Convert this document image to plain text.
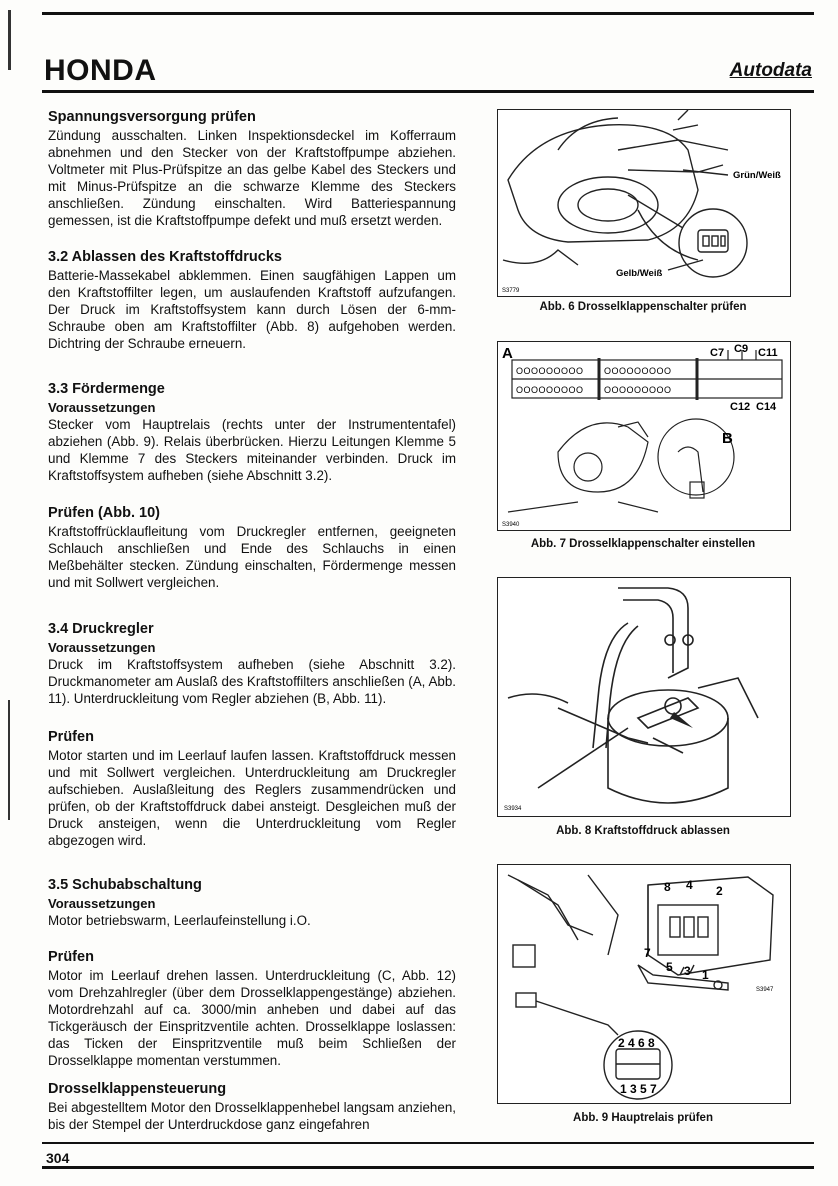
HONDA	Autodata
Spannungsversorgung prüfen

Zündung ausschalten. Linken Inspektionsdeckel im Kofferraum abnehmen und den Stecker von der Kraftstoffpumpe abziehen. Voltmeter mit Plus-Prüfspitze an das gelbe Kabel des Steckers und mit Minus-Prüfspitze an die schwarze Klemme des Steckers anschließen. Zündung einschalten. Wird Batteriespannung gemessen, ist die Kraftstoffpumpe defekt und muß ersetzt werden.

3.2 Ablassen des Kraftstoffdrucks

Batterie-Massekabel abklemmen. Einen saugfähigen Lappen um den Kraftstoffilter legen, um auslaufenden Kraftstoff aufzufangen. Der Druck im Kraftstoffsystem kann durch Lösen der 6-mm-Schraube oben am Kraftstoffilter (Abb. 8) aufgehoben werden. Dichtring der Schraube erneuern.

3.3 Fördermenge
Voraussetzungen

Stecker vom Hauptrelais (rechts unter der Instrumententafel) abziehen (Abb. 9). Relais überbrücken. Hierzu Leitungen Klemme 5 und Klemme 7 des Steckers miteinander verbinden. Druck im Kraftstoffsystem aufheben (siehe Abschnitt 3.2).

Prüfen (Abb. 10)

Kraftstoffrücklaufleitung vom Druckregler entfernen, geeigneten Schlauch anschließen und Ende des Schlauchs in einen Meßbehälter stecken. Zündung einschalten, Fördermenge messen und mit Sollwert vergleichen.

3.4 Druckregler
Voraussetzungen

Druck im Kraftstoffsystem aufheben (siehe Abschnitt 3.2). Druckmanometer am Auslaß des Kraftstoffilters anschließen (A, Abb. 11). Unterdruckleitung vom Regler abziehen (B, Abb. 11).

Prüfen

Motor starten und im Leerlauf laufen lassen. Kraftstoffdruck messen und mit Sollwert vergleichen. Unterdruckleitung am Druckregler aufschieben. Auslaßleitung des Reglers zusammendrücken und prüfen, ob der Kraftstoffdruck dabei ansteigt. Desgleichen muß der Druck ansteigen, wenn die Unterdruckleitung vom Regler abgezogen wird.

3.5 Schubabschaltung
Voraussetzungen

Motor betriebswarm, Leerlaufeinstellung i.O.

Prüfen

Motor im Leerlauf drehen lassen. Unterdruckleitung (C, Abb. 12) vom Drehzahlregler (über dem Drosselklappengestänge) abziehen. Motordrehzahl auf ca. 3000/min anheben und dabei auf das Tickgeräusch der Einspritzventile achten. Drosselklappe loslassen: das Ticken der Einspritzventile muß beim Schließen der Drosselklappe momentan verstummen.

Drosselklappensteuerung

Bei abgestelltem Motor den Drosselklappenhebel langsam anziehen, bis der Stempel der Unterdruckdose ganz eingefahren

Grün/Weiß
Gelb/Weiß
S3779
Abb. 6 Drosselklappenschalter prüfen
A
OOOOOOOOO
OOOOOOOOO
OOOOOOOOO
OOOOOOOOO
C7 C9 C11
C12 C14
B
S3940
Abb. 7 Drosselklappenschalter einstellen
S3934
Abb. 8 Kraftstoffdruck ablassen
8 4 2
7
5 3 1
2 4 6 8
1 3 5 7
S3947
Abb. 9 Hauptrelais prüfen
304
